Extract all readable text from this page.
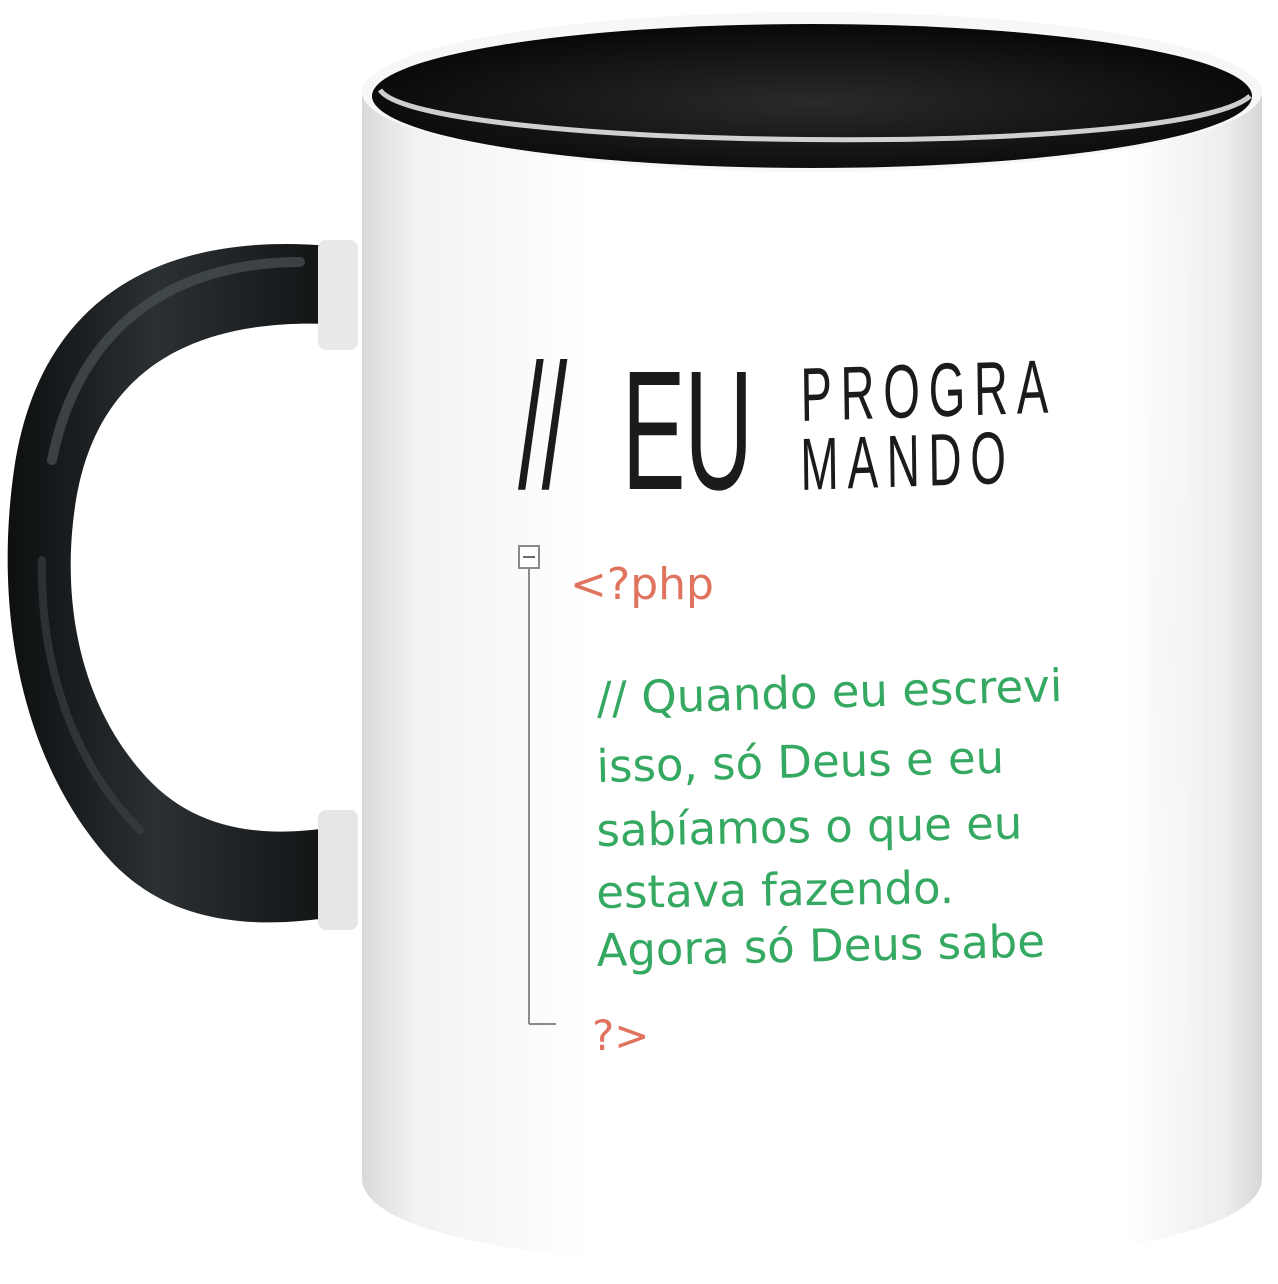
// EU PROGRA
MANDO
<?php
// Quando eu escrevi
isso, só Deus e eu
sabíamos o que eu
estava fazendo.
Agora só Deus sabe
?>
